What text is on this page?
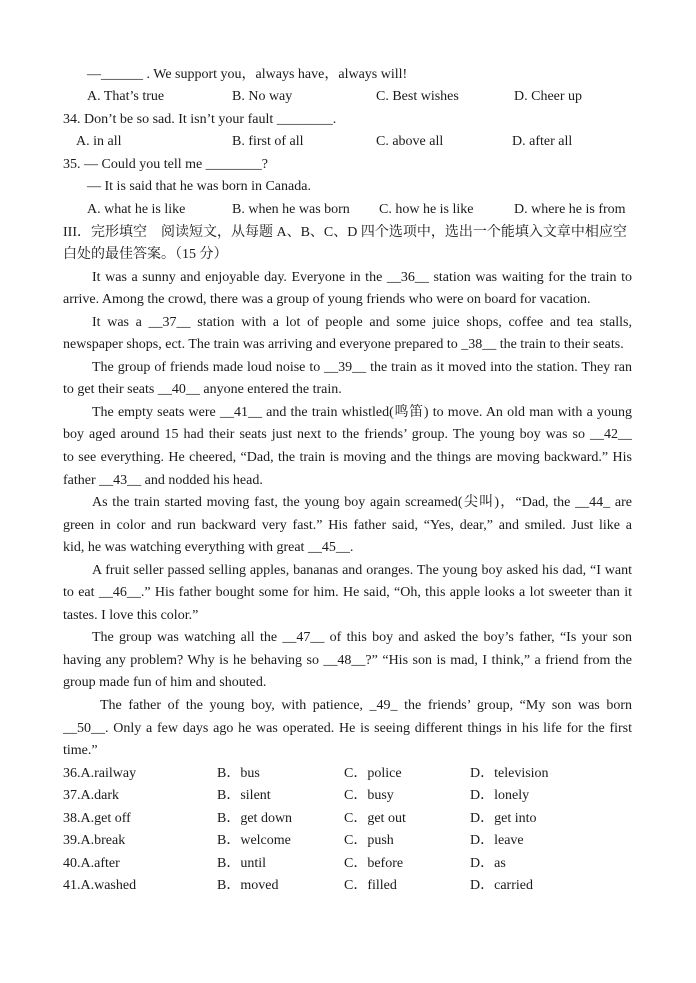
—______ . We support you，always have，always will!
A. That’s true	B. No way	C. Best wishes	D. Cheer up
34. Don’t be so sad. It isn’t your fault ________.
A. in all	B. first of all	C. above all	D. after all
35. — Could you tell me ________?
— It is said that he was born in Canada.
A. what he is like	B. when he was born C. how he is like	D. where he is from
III．完形填空　阅读短文，从每题 A、B、C、D 四个选项中，选出一个能填入文章中相应空
白处的最佳答案。（15 分）
It was a sunny and enjoyable day. Everyone in the __36__ station was waiting for the train to
arrive. Among the crowd, there was a group of young friends who were on board for vacation.
It was a __37__ station with a lot of people and some juice shops, coffee and tea stalls,
newspaper shops, ect. The train was arriving and everyone prepared to _38__ the train to their seats.
The group of friends made loud noise to __39__ the train as it moved into the station. They ran
to get their seats __40__ anyone entered the train.
The empty seats were __41__ and the train whistled(鸣笛) to move. An old man with a young
boy aged around 15 had their seats just next to the friends’ group. The young boy was so __42__
to see everything. He cheered, “Dad, the train is moving and the things are moving backward.” His
father __43__ and nodded his head.
As the train started moving fast, the young boy again screamed(尖叫)，“Dad, the __44_ are
green in color and run backward very fast.” His father said, “Yes, dear,” and smiled. Just like a
kid, he was watching everything with great __45__.
A fruit seller passed selling apples, bananas and oranges. The young boy asked his dad, “I want
to eat __46__.” His father bought some for him. He said, “Oh, this apple looks a lot sweeter than it
tastes. I love this color.”
The group was watching all the __47__ of this boy and asked the boy’s father, “Is your son
having any problem? Why is he behaving so __48__?” “His son is mad, I think,” a friend from the
group made fun of him and shouted.
The father of the young boy, with patience, _49_ the friends’ group, “My son was born
__50__. Only a few days ago he was operated. He is seeing different things in his life for the first
time.”
36.A.railway	B．bus	C．police	D．television
37.A.dark	B．silent	C．busy	D．lonely
38.A.get off	B．get down	C．get out	D．get into
39.A.break	B．welcome	C．push	D．leave
40.A.after	B．until	C．before	D．as
41.A.washed	B．moved	C．filled	D．carried
